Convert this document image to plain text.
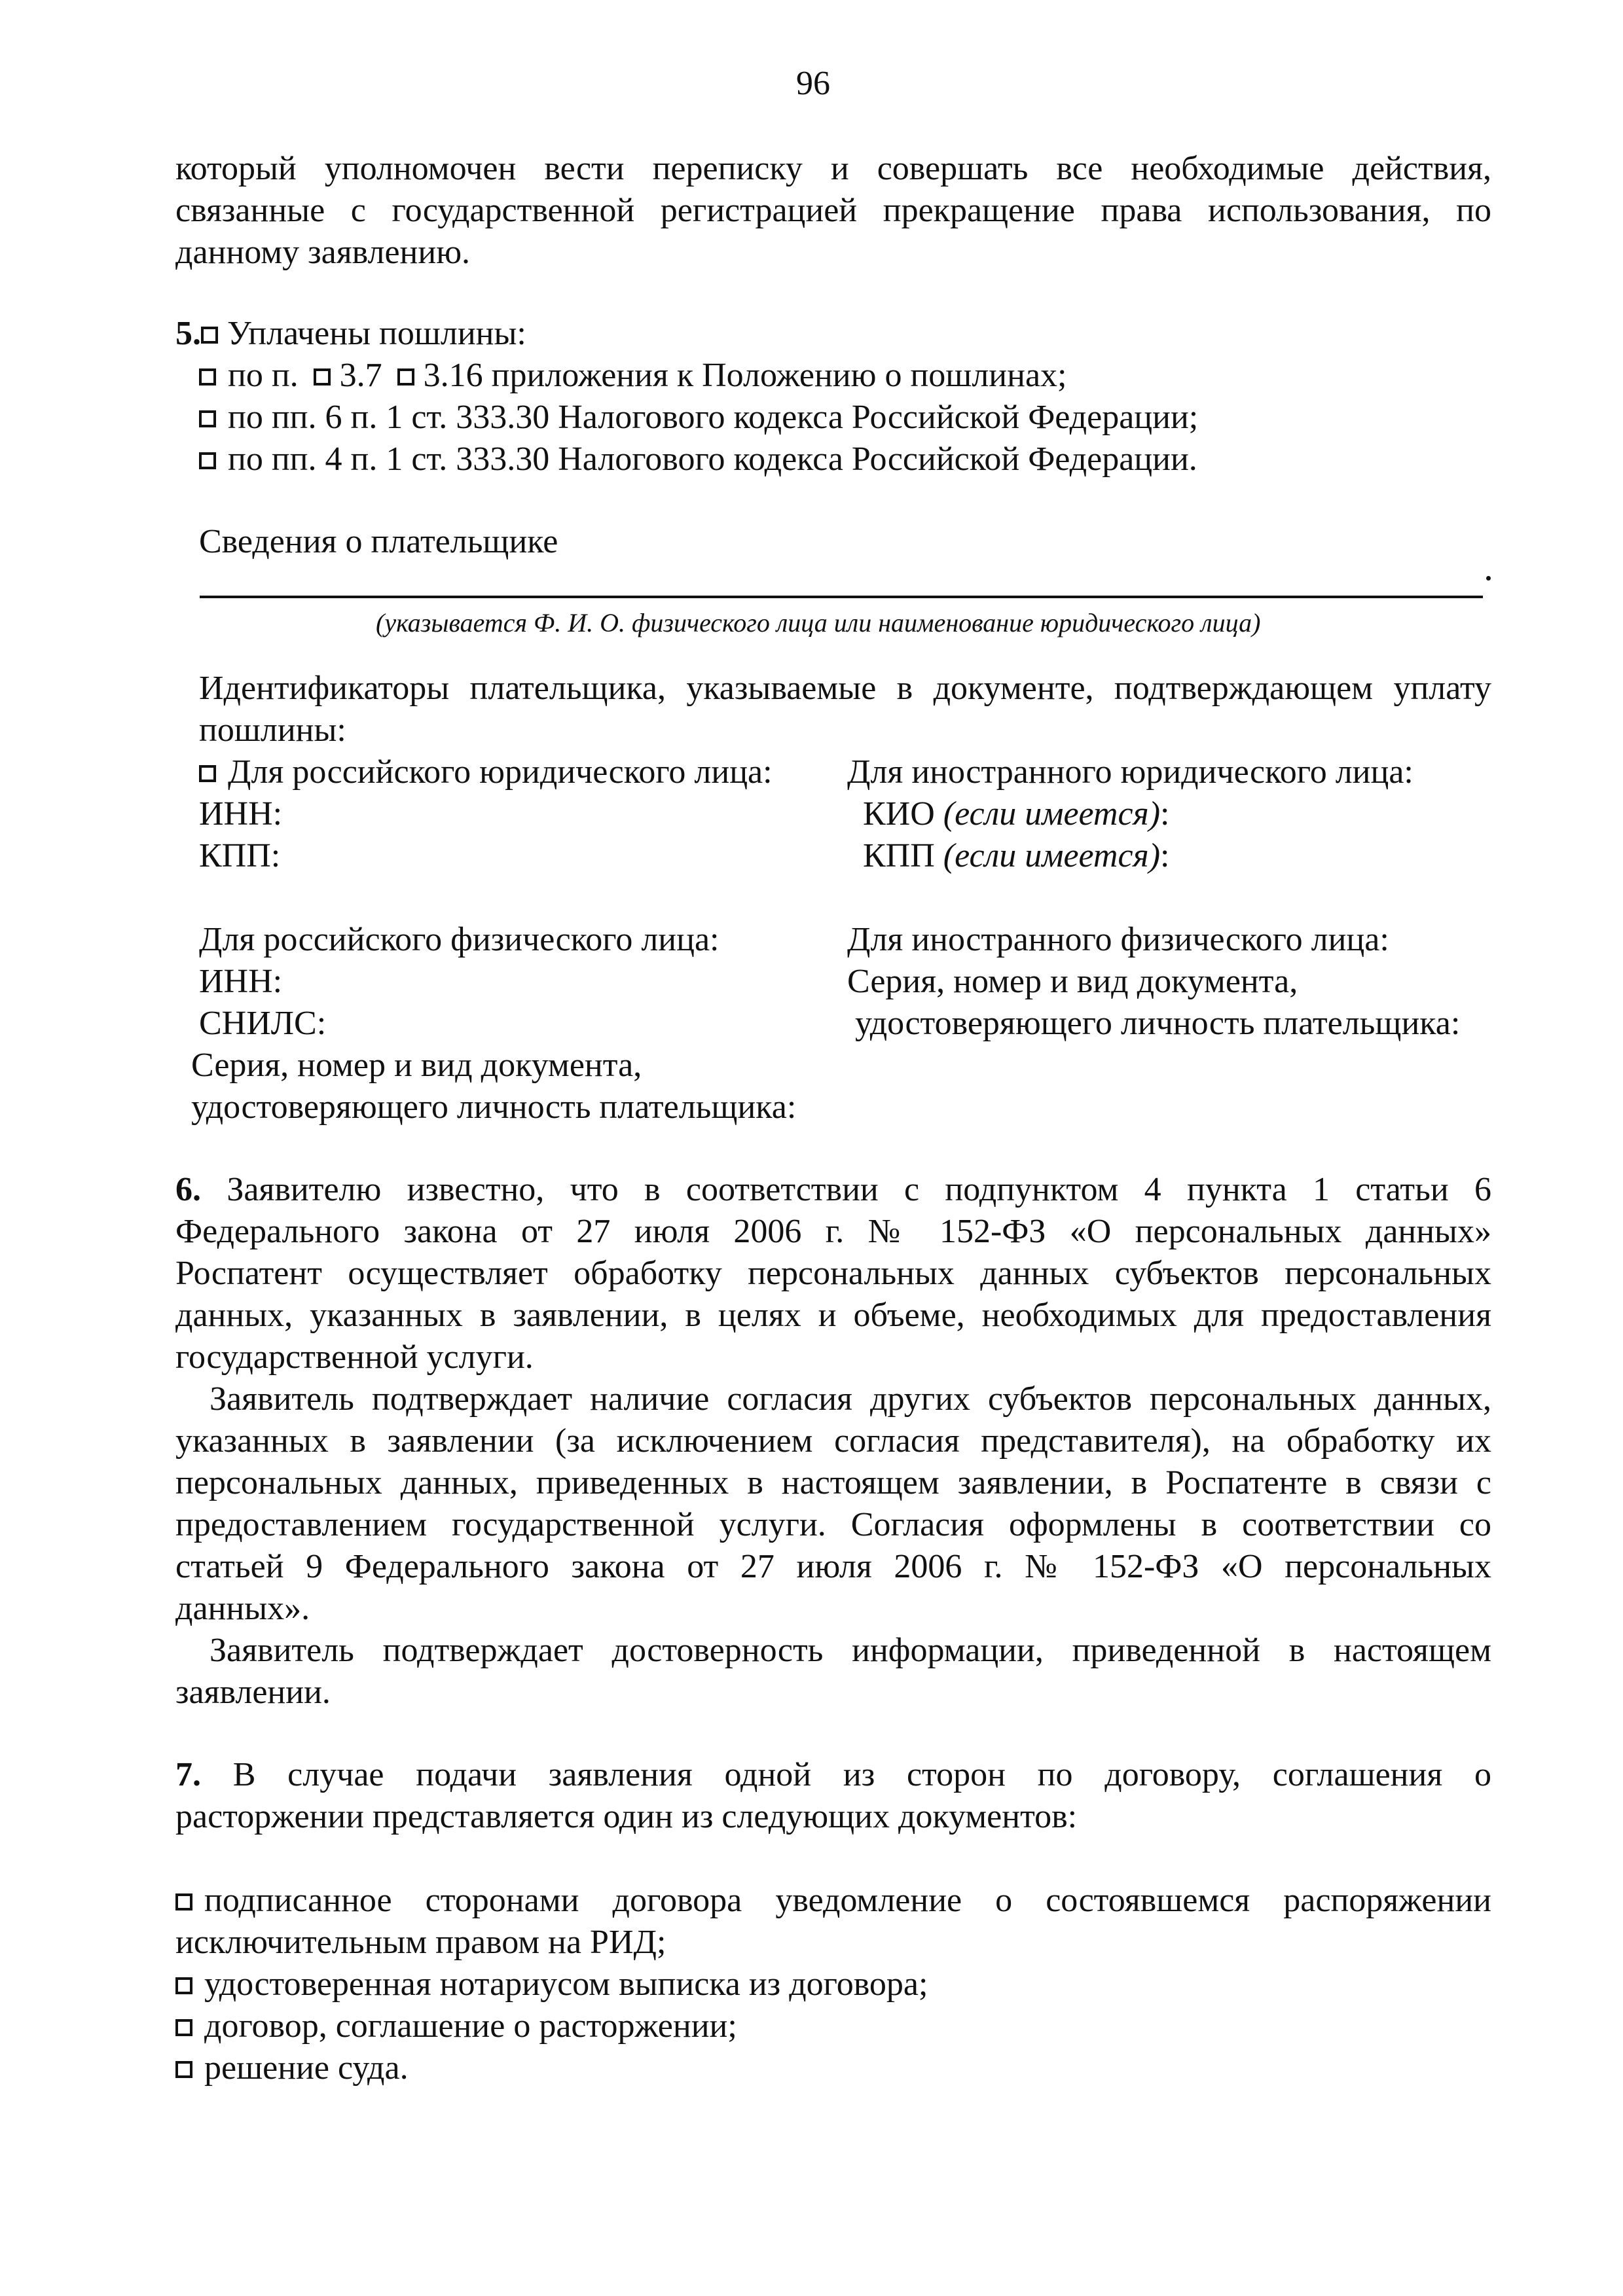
96
который уполномочен вести переписку и совершать все необходимые действия,
связанные с государственной регистрацией прекращение права использования, по
данному заявлению.
5. Уплачены пошлины:
по п. 3.7 3.16 приложения к Положению о пошлинах;
по пп. 6 п. 1 ст. 333.30 Налогового кодекса Российской Федерации;
по пп. 4 п. 1 ст. 333.30 Налогового кодекса Российской Федерации.
Сведения о плательщике
(указывается Ф. И. О. физического лица или наименование юридического лица)
Идентификаторы плательщика, указываемые в документе, подтверждающем уплату
пошлины:
Для российского юридического лица:
ИНН:
КПП:
Для иностранного юридического лица:
КИО (если имеется):
КПП (если имеется):
Для российского физического лица:
ИНН:
СНИЛС:
Серия, номер и вид документа,
удостоверяющего личность плательщика:
Для иностранного физического лица:
Серия, номер и вид документа,
удостоверяющего личность плательщика:
6. Заявителю известно, что в соответствии с подпунктом 4 пункта 1 статьи 6
Федерального закона от 27 июля 2006 г. № 152-ФЗ «О персональных данных»
Роспатент осуществляет обработку персональных данных субъектов персональных
данных, указанных в заявлении, в целях и объеме, необходимых для предоставления
государственной услуги.
Заявитель подтверждает наличие согласия других субъектов персональных данных,
указанных в заявлении (за исключением согласия представителя), на обработку их
персональных данных, приведенных в настоящем заявлении, в Роспатенте в связи с
предоставлением государственной услуги. Согласия оформлены в соответствии со
статьей 9 Федерального закона от 27 июля 2006 г. № 152-ФЗ «О персональных
данных».
Заявитель подтверждает достоверность информации, приведенной в настоящем
заявлении.
7. В случае подачи заявления одной из сторон по договору, соглашения о
расторжении представляется один из следующих документов:
подписанное сторонами договора уведомление о состоявшемся распоряжении
исключительным правом на РИД;
удостоверенная нотариусом выписка из договора;
договор, соглашение о расторжении;
решение суда.
